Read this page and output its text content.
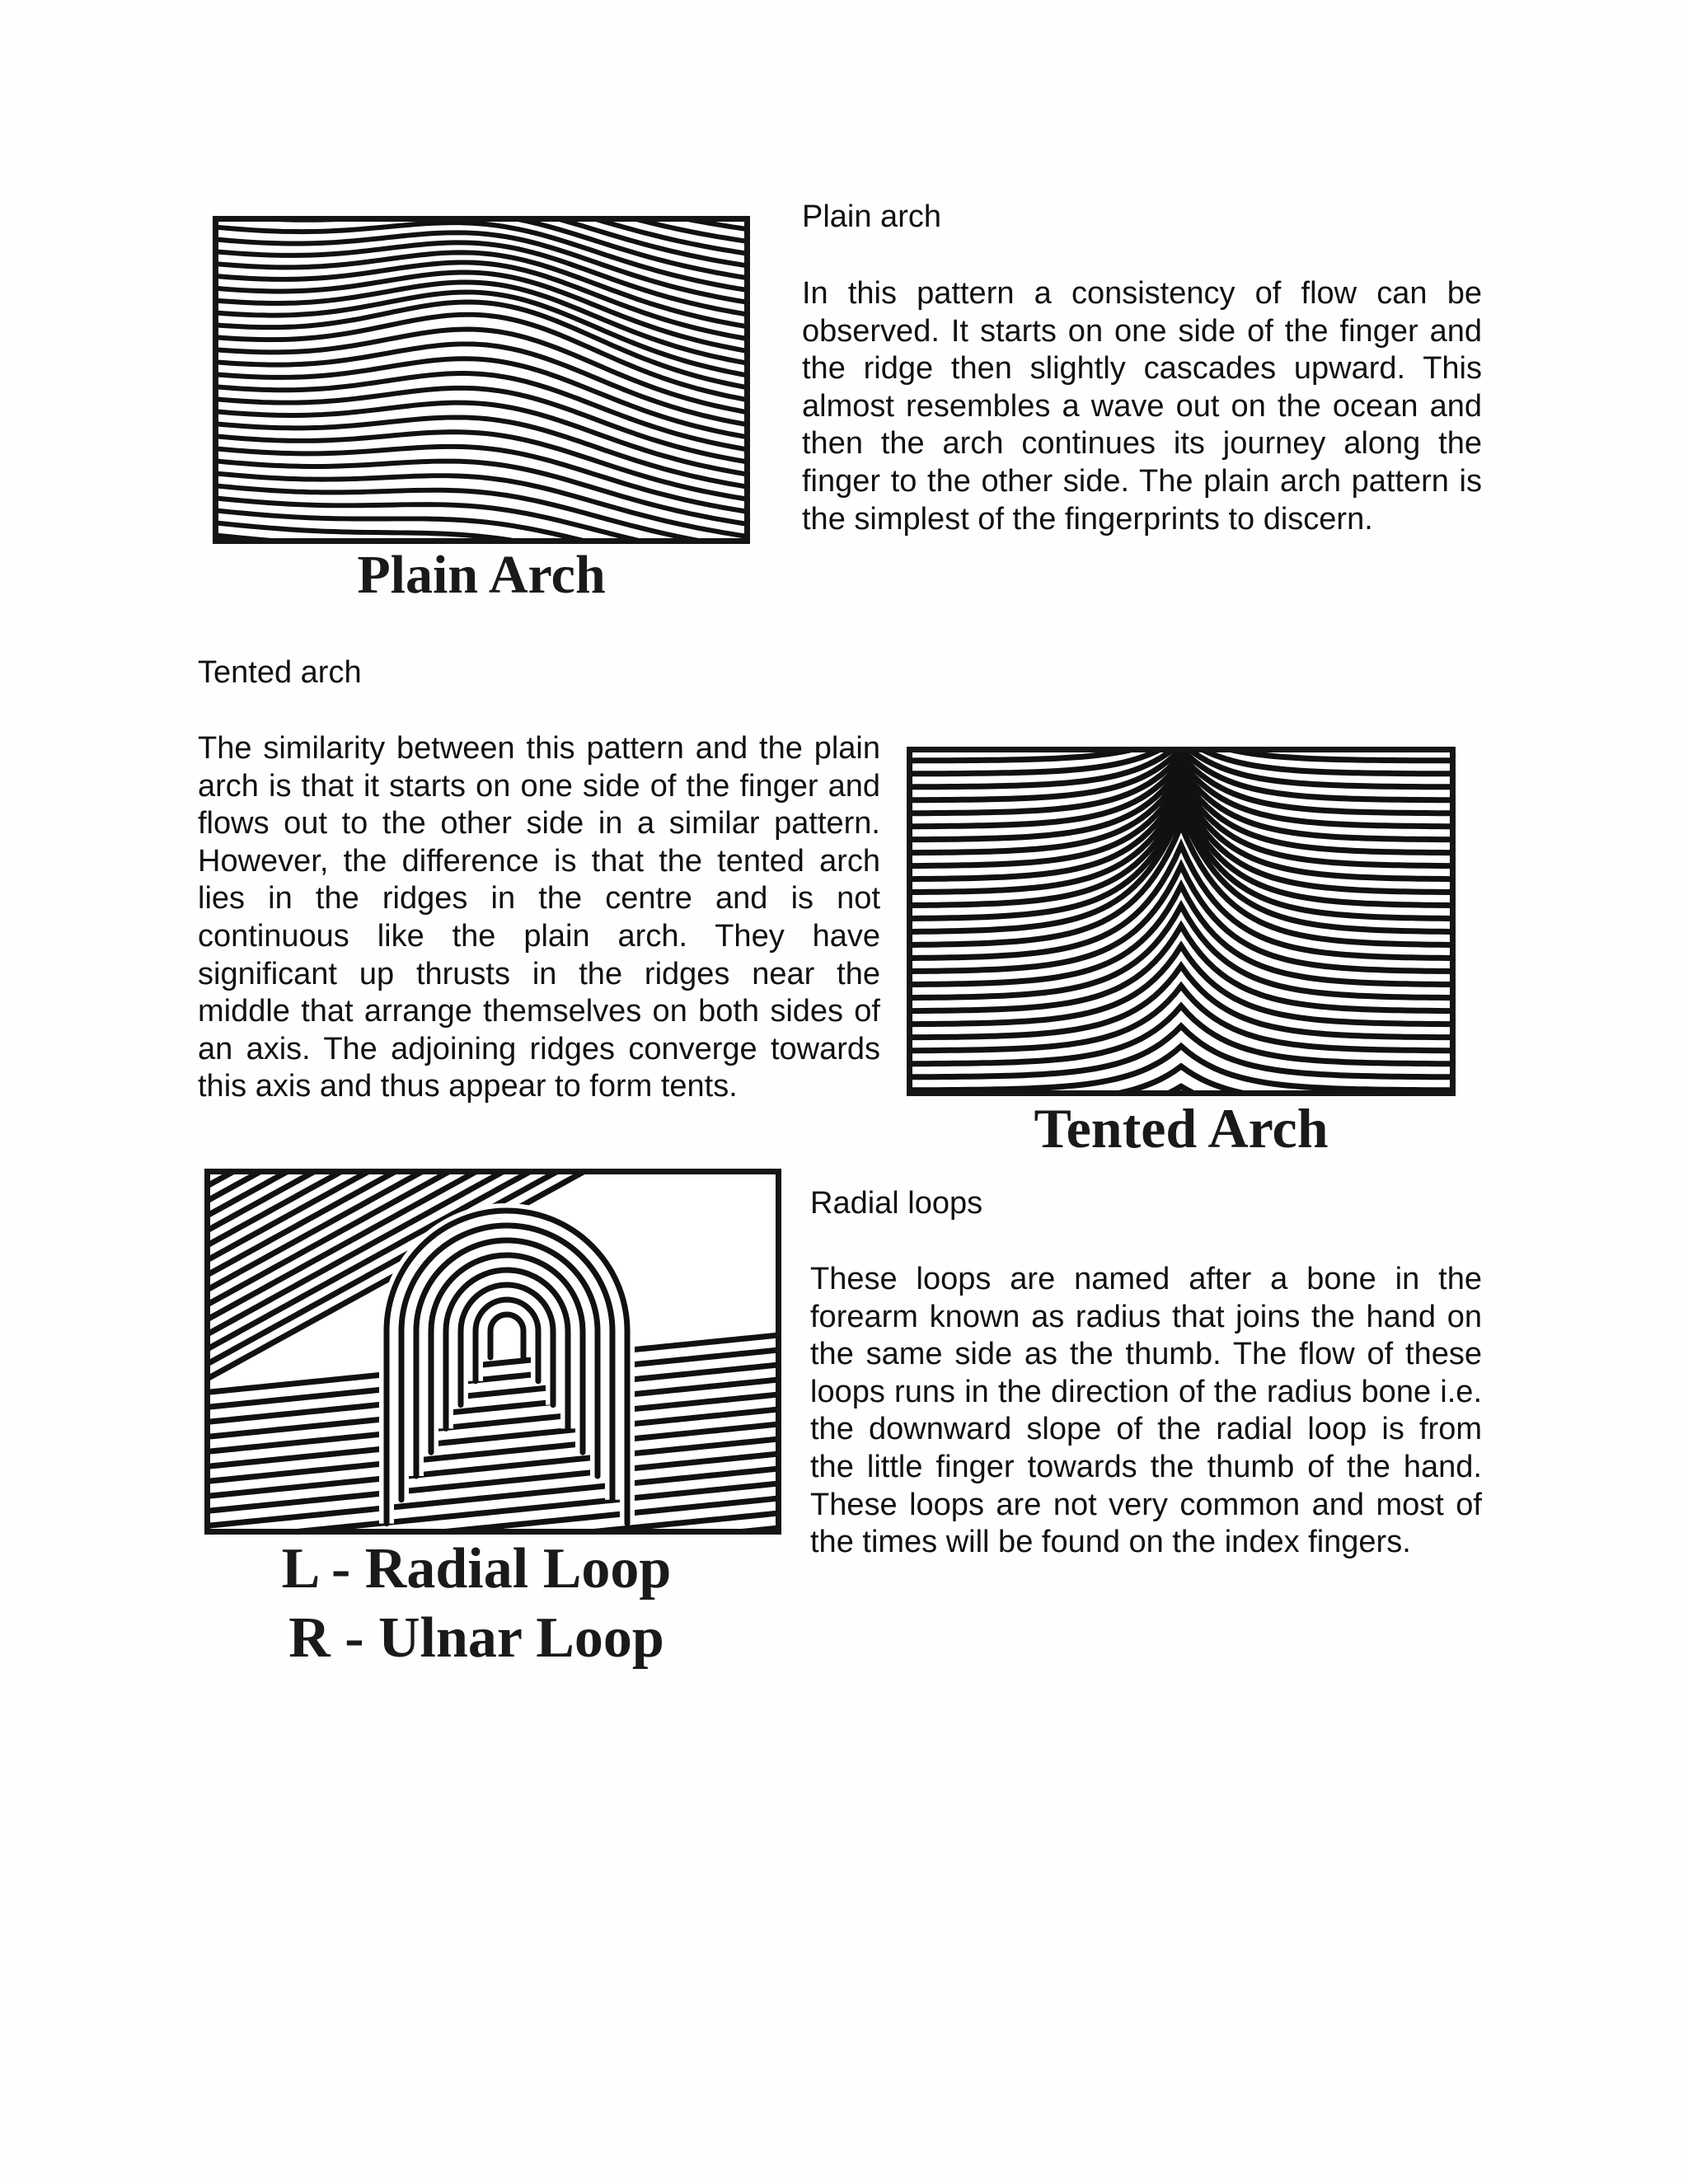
Plain Arch
Plain arch

In this pattern a consistency of flow can be observed. It starts on one side of the finger and the ridge then slightly cascades upward. This almost resembles a wave out on the ocean and then the arch continues its journey along the finger to the other side. The plain arch pattern is the simplest of the fingerprints to discern.

Tented arch

The similarity between this pattern and the plain arch is that it starts on one side of the finger and flows out to the other side in a similar pattern. However, the difference is that the tented arch lies in the ridges in the centre and is not continuous like the plain arch. They have significant up thrusts in the ridges near the middle that arrange themselves on both sides of an axis. The adjoining ridges converge towards this axis and thus appear to form tents.

Tented Arch
L - Radial Loop
R - Ulnar Loop
Radial loops

These loops are named after a bone in the forearm known as radius that joins the hand on the same side as the thumb. The flow of these loops runs in the direction of the radius bone i.e. the downward slope of the radial loop is from the little finger towards the thumb of the hand. These loops are not very common and most of the times will be found on the index fingers.
